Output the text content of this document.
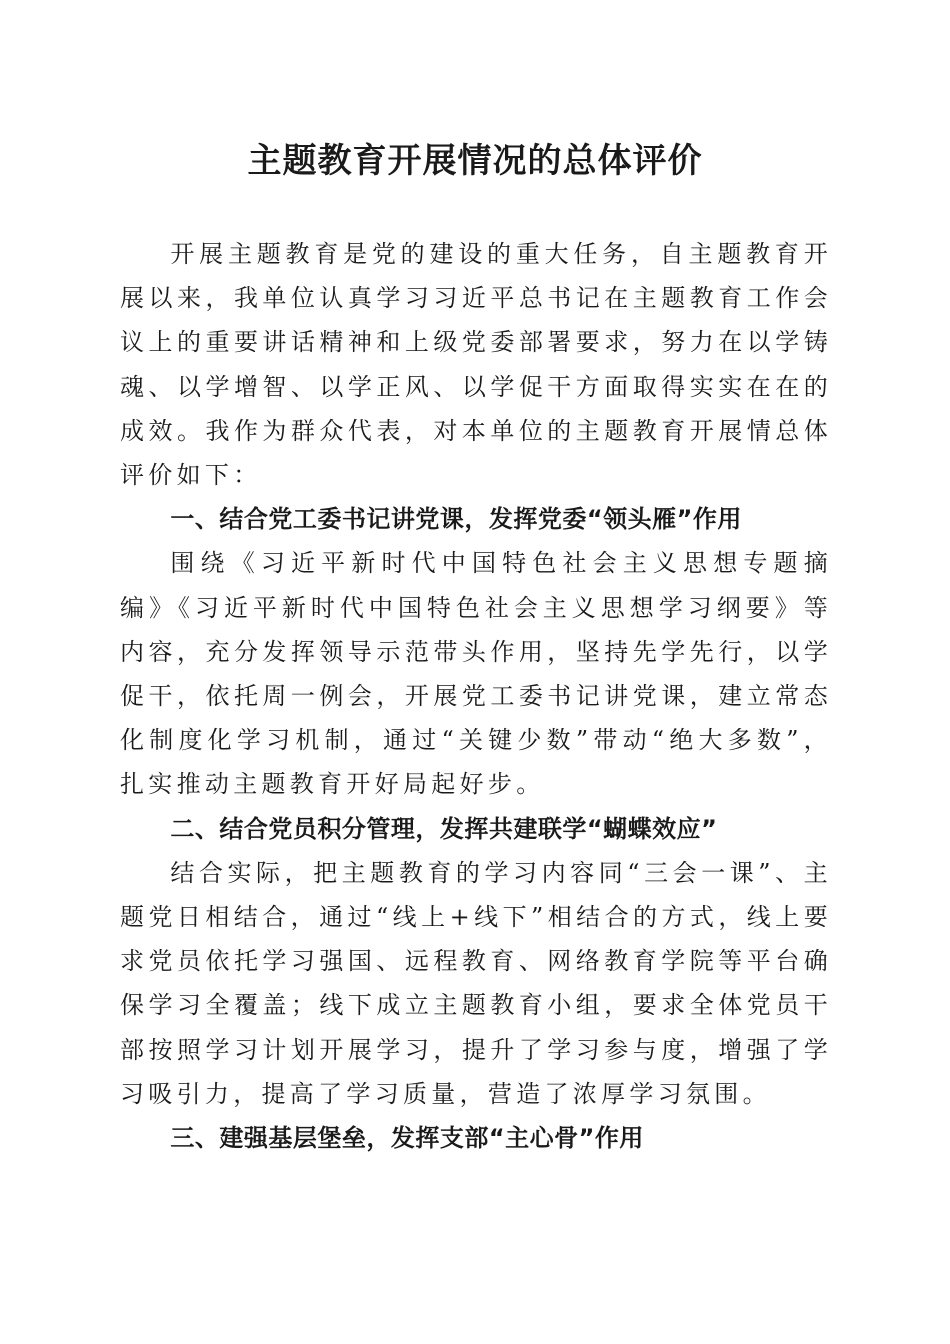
主题教育开展情况的总体评价

开展主题教育是党的建设的重大任务，自主题教育开展以来，我单位认真学习习近平总书记在主题教育工作会议上的重要讲话精神和上级党委部署要求，努力在以学铸魂、以学增智、以学正风、以学促干方面取得实实在在的成效。我作为群众代表，对本单位的主题教育开展情总体评价如下：

一、结合党工委书记讲党课，发挥党委“领头雁”作用

围绕《习近平新时代中国特色社会主义思想专题摘编》《习近平新时代中国特色社会主义思想学习纲要》等内容，充分发挥领导示范带头作用，坚持先学先行，以学促干，依托周一例会，开展党工委书记讲党课，建立常态化制度化学习机制，通过“关键少数”带动“绝大多数”，扎实推动主题教育开好局起好步。

二、结合党员积分管理，发挥共建联学“蝴蝶效应”

结合实际，把主题教育的学习内容同“三会一课”、主题党日相结合，通过“线上+线下”相结合的方式，线上要求党员依托学习强国、远程教育、网络教育学院等平台确保学习全覆盖；线下成立主题教育小组，要求全体党员干部按照学习计划开展学习，提升了学习参与度，增强了学习吸引力，提高了学习质量，营造了浓厚学习氛围。

三、建强基层堡垒，发挥支部“主心骨”作用
